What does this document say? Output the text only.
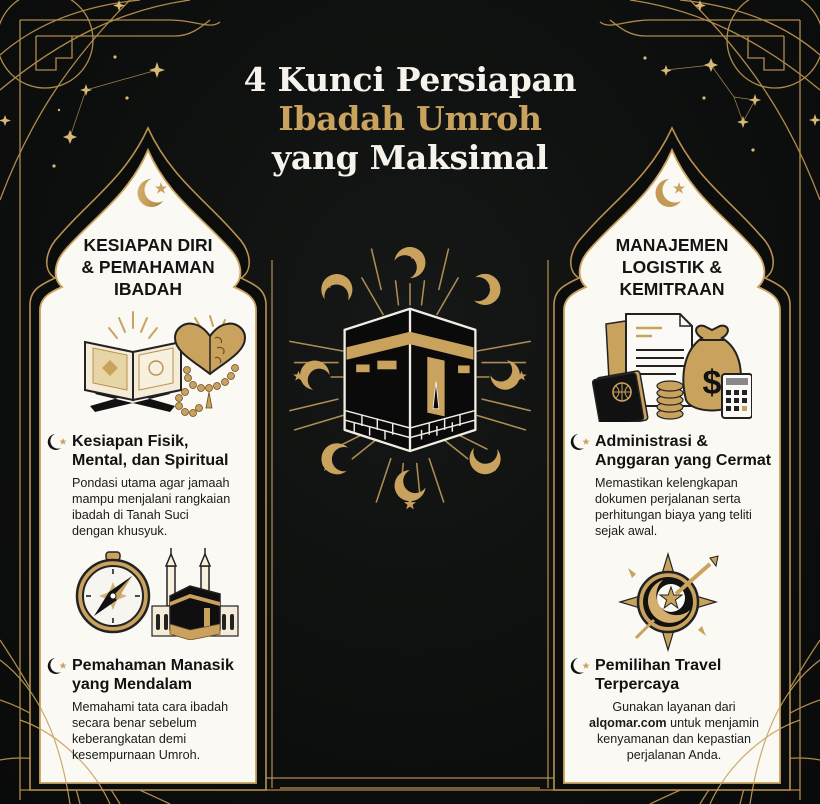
4 Kunci Persiapan
Ibadah Umroh
yang Maksimal
KESIAPAN DIRI
& PEMAHAMAN
IBADAH
Kesiapan Fisik,
Mental, dan Spiritual
Pondasi utama agar jamaah
mampu menjalani rangkaian
ibadah di Tanah Suci
dengan khusyuk.
Pemahaman Manasik
yang Mendalam
Memahami tata cara ibadah
secara benar sebelum
keberangkatan demi
kesempurnaan Umroh.
MANAJEMEN
LOGISTIK &
KEMITRAAN
$
Administrasi &
Anggaran yang Cermat
Memastikan kelengkapan
dokumen perjalanan serta
perhitungan biaya yang teliti
sejak awal.
Pemilihan Travel
Terpercaya
Gunakan layanan dari
alqomar.com untuk menjamin
kenyamanan dan kepastian
perjalanan Anda.
